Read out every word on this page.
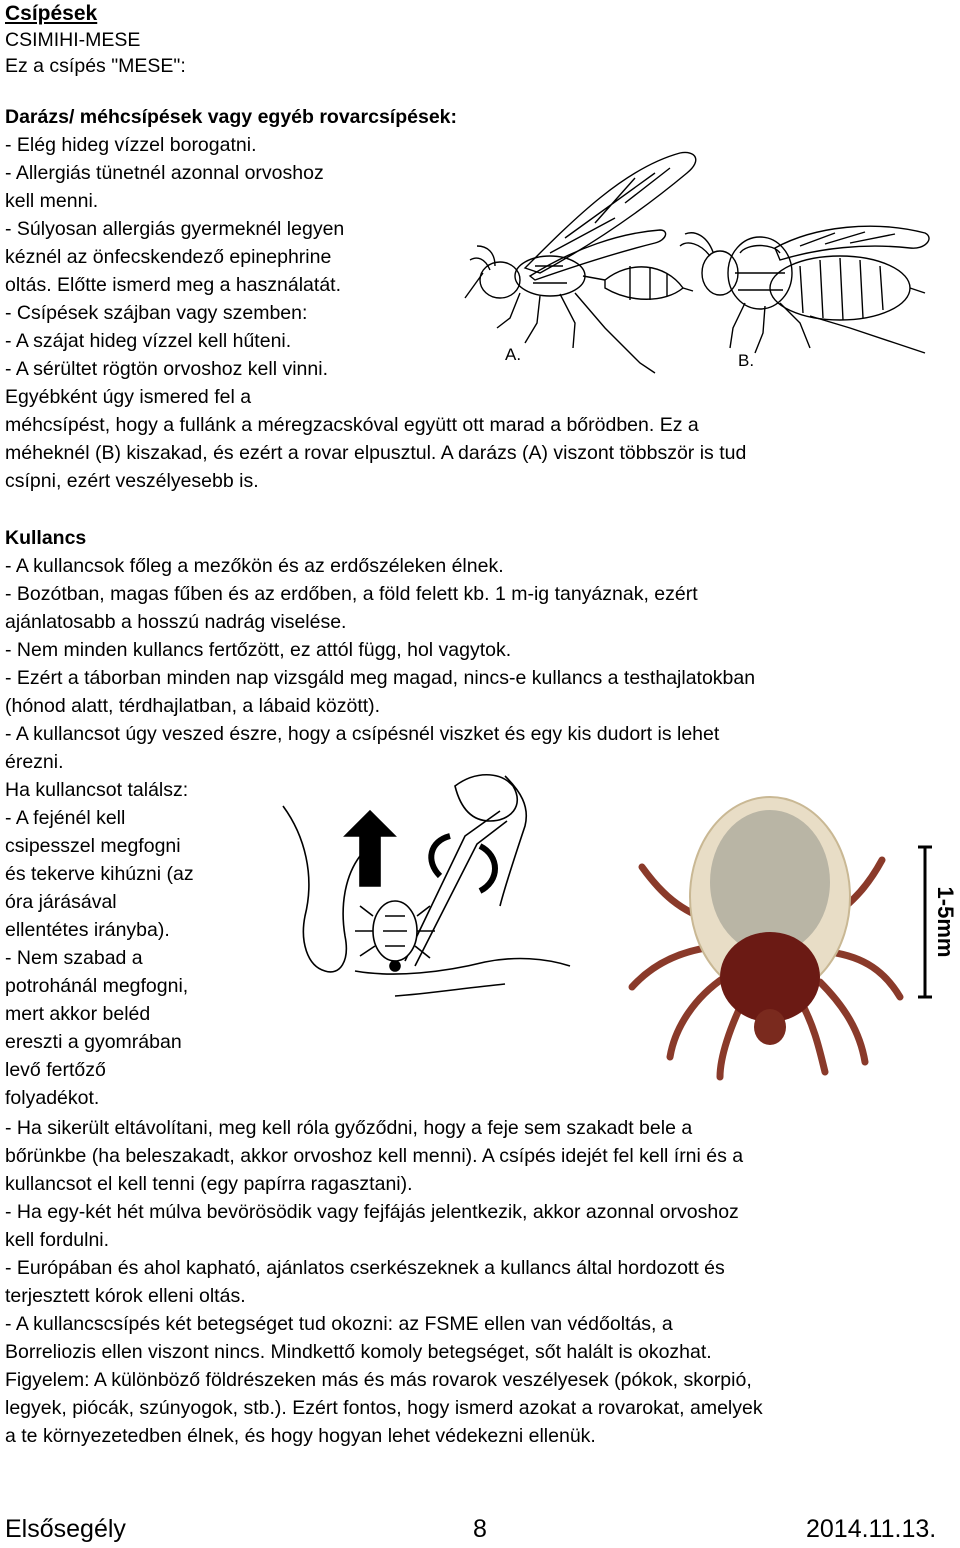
Csípések
CSIMIHI-MESE
Ez a csípés "MESE":
Darázs/ méhcsípések vagy egyéb rovarcsípések:
- Elég hideg vízzel borogatni.
- Allergiás tünetnél azonnal orvoshoz
kell menni.
- Súlyosan allergiás gyermeknél legyen
kéznél az önfecskendező epinephrine
oltás. Előtte ismerd meg a használatát.
- Csípések szájban vagy szemben:
- A szájat hideg vízzel kell hűteni.
- A sérültet rögtön orvoshoz kell vinni.
Egyébként úgy ismered fel a
méhcsípést, hogy a fullánk a méregzacskóval együtt ott marad a bőrödben. Ez a
méheknél (B) kiszakad, és ezért a rovar elpusztul. A darázs (A) viszont többször is tud
csípni, ezért veszélyesebb is.
A.	B.
Kullancs
- A kullancsok főleg a mezőkön és az erdőszéleken élnek.
- Bozótban, magas fűben és az erdőben, a föld felett kb. 1 m-ig tanyáznak, ezért
ajánlatosabb a hosszú nadrág viselése.
- Nem minden kullancs fertőzött, ez attól függ, hol vagytok.
- Ezért a táborban minden nap vizsgáld meg magad, nincs-e kullancs a testhajlatokban
(hónod alatt, térdhajlatban, a lábaid között).
- A kullancsot úgy veszed észre, hogy a csípésnél viszket és egy kis dudort is lehet
érezni.
Ha kullancsot találsz:
- A fejénél kell
csipesszel megfogni
és tekerve kihúzni (az
óra járásával
ellentétes irányba).
- Nem szabad a
potrohánál megfogni,
mert akkor beléd
ereszti a gyomrában
levő fertőző
folyadékot.
- Ha sikerült eltávolítani, meg kell róla győződni, hogy a feje sem szakadt bele a
bőrünkbe (ha beleszakadt, akkor orvoshoz kell menni). A csípés idejét fel kell írni és a
kullancsot el kell tenni (egy papírra ragasztani).
- Ha egy-két hét múlva bevörösödik vagy fejfájás jelentkezik, akkor azonnal orvoshoz
kell fordulni.
- Európában és ahol kapható, ajánlatos cserkészeknek a kullancs által hordozott és
terjesztett kórok elleni oltás.
- A kullancscsípés két betegséget tud okozni: az FSME ellen van védőoltás, a
Borreliozis ellen viszont nincs. Mindkettő komoly betegséget, sőt halált is okozhat.
Figyelem: A különböző földrészeken más és más rovarok veszélyesek (pókok, skorpió,
legyek, piócák, szúnyogok, stb.). Ezért fontos, hogy ismerd azokat a rovarokat, amelyek
a te környezetedben élnek, és hogy hogyan lehet védekezni ellenük.
1-5mm
Elsősegély	8	2014.11.13.
